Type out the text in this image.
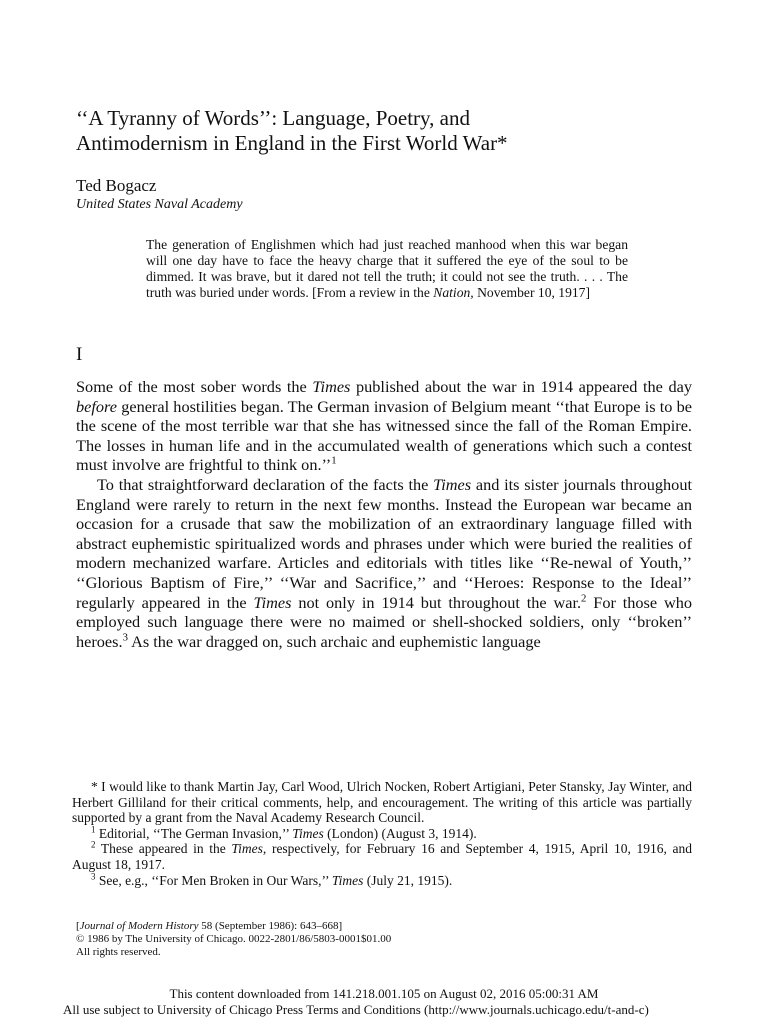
‘‘A Tyranny of Words’’: Language, Poetry, and
Antimodernism in England in the First World War*
Ted Bogacz
United States Naval Academy
The generation of Englishmen which had just reached manhood when this war began will one day have to face the heavy charge that it suffered the eye of the soul to be dimmed. It was brave, but it dared not tell the truth; it could not see the truth. . . . The truth was buried under words. [From a review in the Nation, November 10, 1917]
I

Some of the most sober words the Times published about the war in 1914 appeared the day before general hostilities began. The German invasion of Belgium meant ‘‘that Europe is to be the scene of the most terrible war that she has witnessed since the fall of the Roman Empire. The losses in human life and in the accumulated wealth of generations which such a contest must involve are frightful to think on.’’$^1$

To that straightforward declaration of the facts the Times and its sister journals throughout England were rarely to return in the next few months. Instead the European war became an occasion for a crusade that saw the mobilization of an extraordinary language filled with abstract euphemistic spiritualized words and phrases under which were buried the realities of modern mechanized warfare. Articles and editorials with titles like ‘‘Re-newal of Youth,’’ ‘‘Glorious Baptism of Fire,’’ ‘‘War and Sacrifice,’’ and ‘‘Heroes: Response to the Ideal’’ regularly appeared in the Times not only in 1914 but throughout the war.$^2$ For those who employed such language there were no maimed or shell-shocked soldiers, only ‘‘broken’’ heroes.$^3$ As the war dragged on, such archaic and euphemistic language

* I would like to thank Martin Jay, Carl Wood, Ulrich Nocken, Robert Artigiani, Peter Stansky, Jay Winter, and Herbert Gilliland for their critical comments, help, and encouragement. The writing of this article was partially supported by a grant from the Naval Academy Research Council.

$^1$ Editorial, ‘‘The German Invasion,’’ Times (London) (August 3, 1914).

$^2$ These appeared in the Times, respectively, for February 16 and September 4, 1915, April 10, 1916, and August 18, 1917.

$^3$ See, e.g., ‘‘For Men Broken in Our Wars,’’ Times (July 21, 1915).

[Journal of Modern History 58 (September 1986): 643–668]
© 1986 by The University of Chicago. 0022-2801/86/5803-0001$01.00
All rights reserved.
This content downloaded from 141.218.001.105 on August 02, 2016 05:00:31 AM
All use subject to University of Chicago Press Terms and Conditions (http://www.journals.uchicago.edu/t-and-c)
